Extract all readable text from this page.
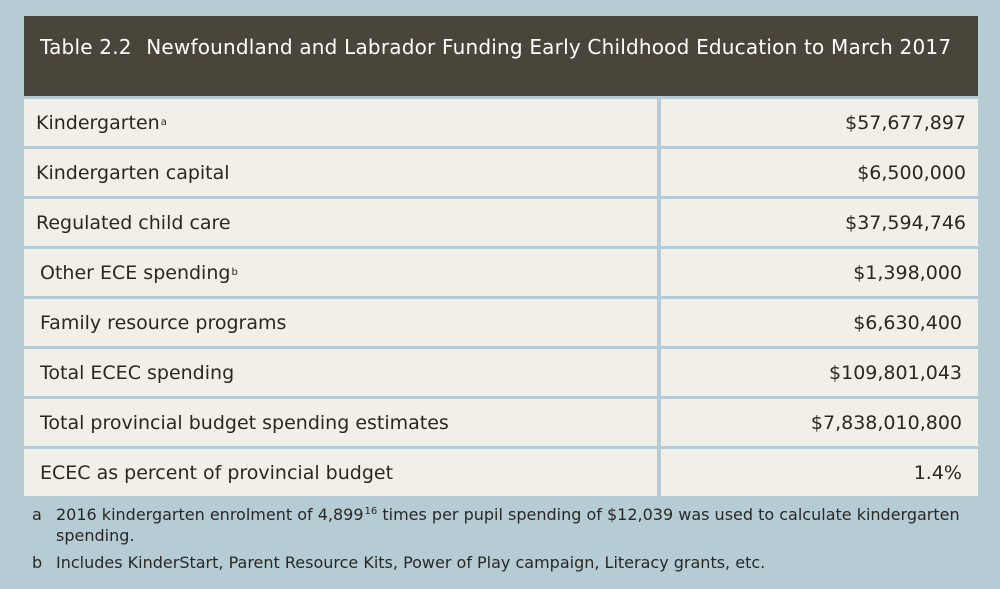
Table 2.2 Newfoundland and Labrador Funding Early Childhood Education to March 2017
Kindergarten a	$57,677,897
Kindergarten capital	$6,500,000
Regulated child care	$37,594,746
Other ECE spending b	$1,398,000
Family resource programs	$6,630,400
Total ECEC spending	$109,801,043
Total provincial budget spending estimates	$7,838,010,800
ECEC as percent of provincial budget	1.4%
a 2016 kindergarten enrolment of 4,899$^{16}$ times per pupil spending of $12,039 was used to calculate kindergarten spending.
b Includes KinderStart, Parent Resource Kits, Power of Play campaign, Literacy grants, etc.
